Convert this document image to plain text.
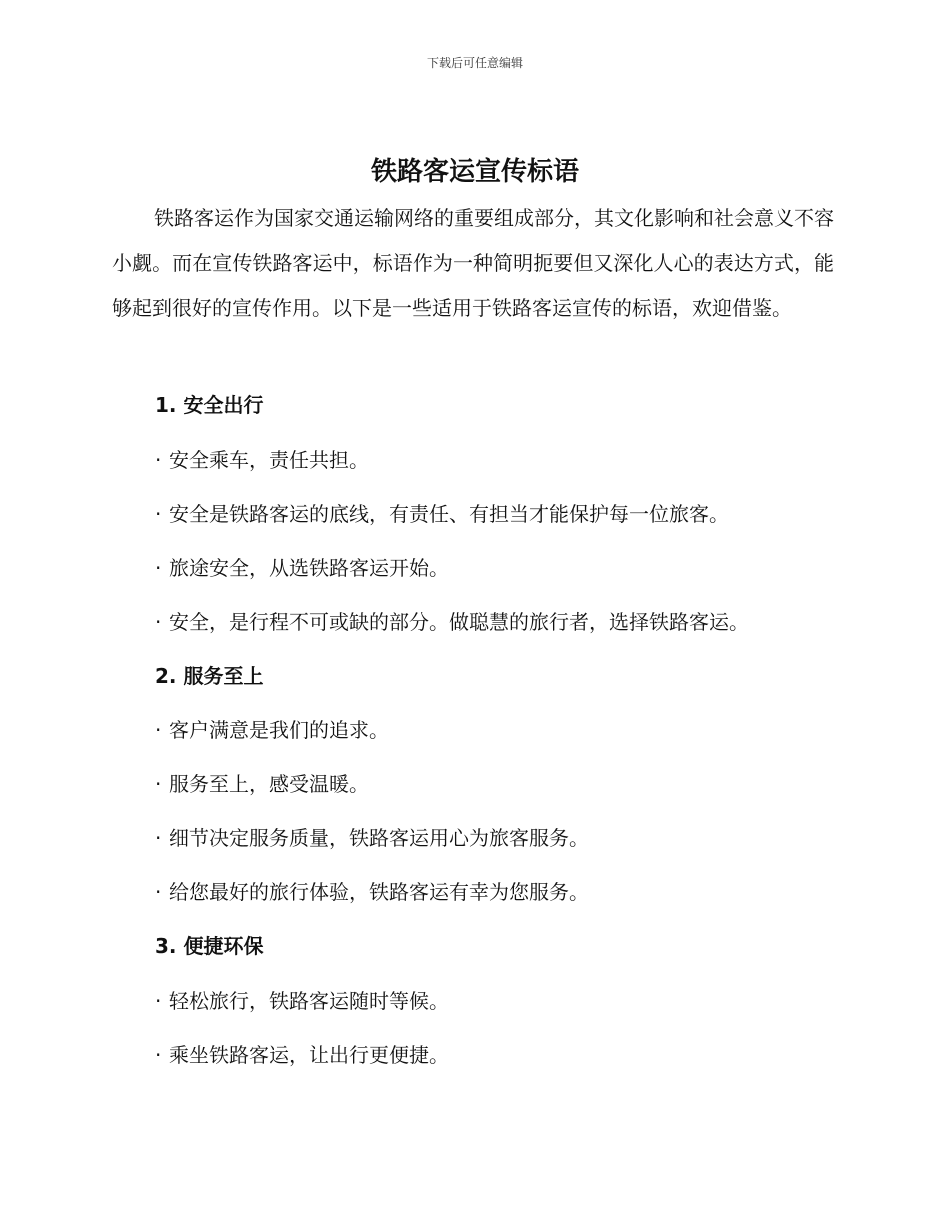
下载后可任意编辑
铁路客运宣传标语

铁路客运作为国家交通运输网络的重要组成部分，其文化影响和社会意义不容小觑。而在宣传铁路客运中，标语作为一种简明扼要但又深化人心的表达方式，能够起到很好的宣传作用。以下是一些适用于铁路客运宣传的标语，欢迎借鉴。

1. 安全出行

· 安全乘车，责任共担。

· 安全是铁路客运的底线，有责任、有担当才能保护每一位旅客。

· 旅途安全，从选铁路客运开始。

· 安全，是行程不可或缺的部分。做聪慧的旅行者，选择铁路客运。

2. 服务至上

· 客户满意是我们的追求。

· 服务至上，感受温暖。

· 细节决定服务质量，铁路客运用心为旅客服务。

· 给您最好的旅行体验，铁路客运有幸为您服务。

3. 便捷环保

· 轻松旅行，铁路客运随时等候。

· 乘坐铁路客运，让出行更便捷。
